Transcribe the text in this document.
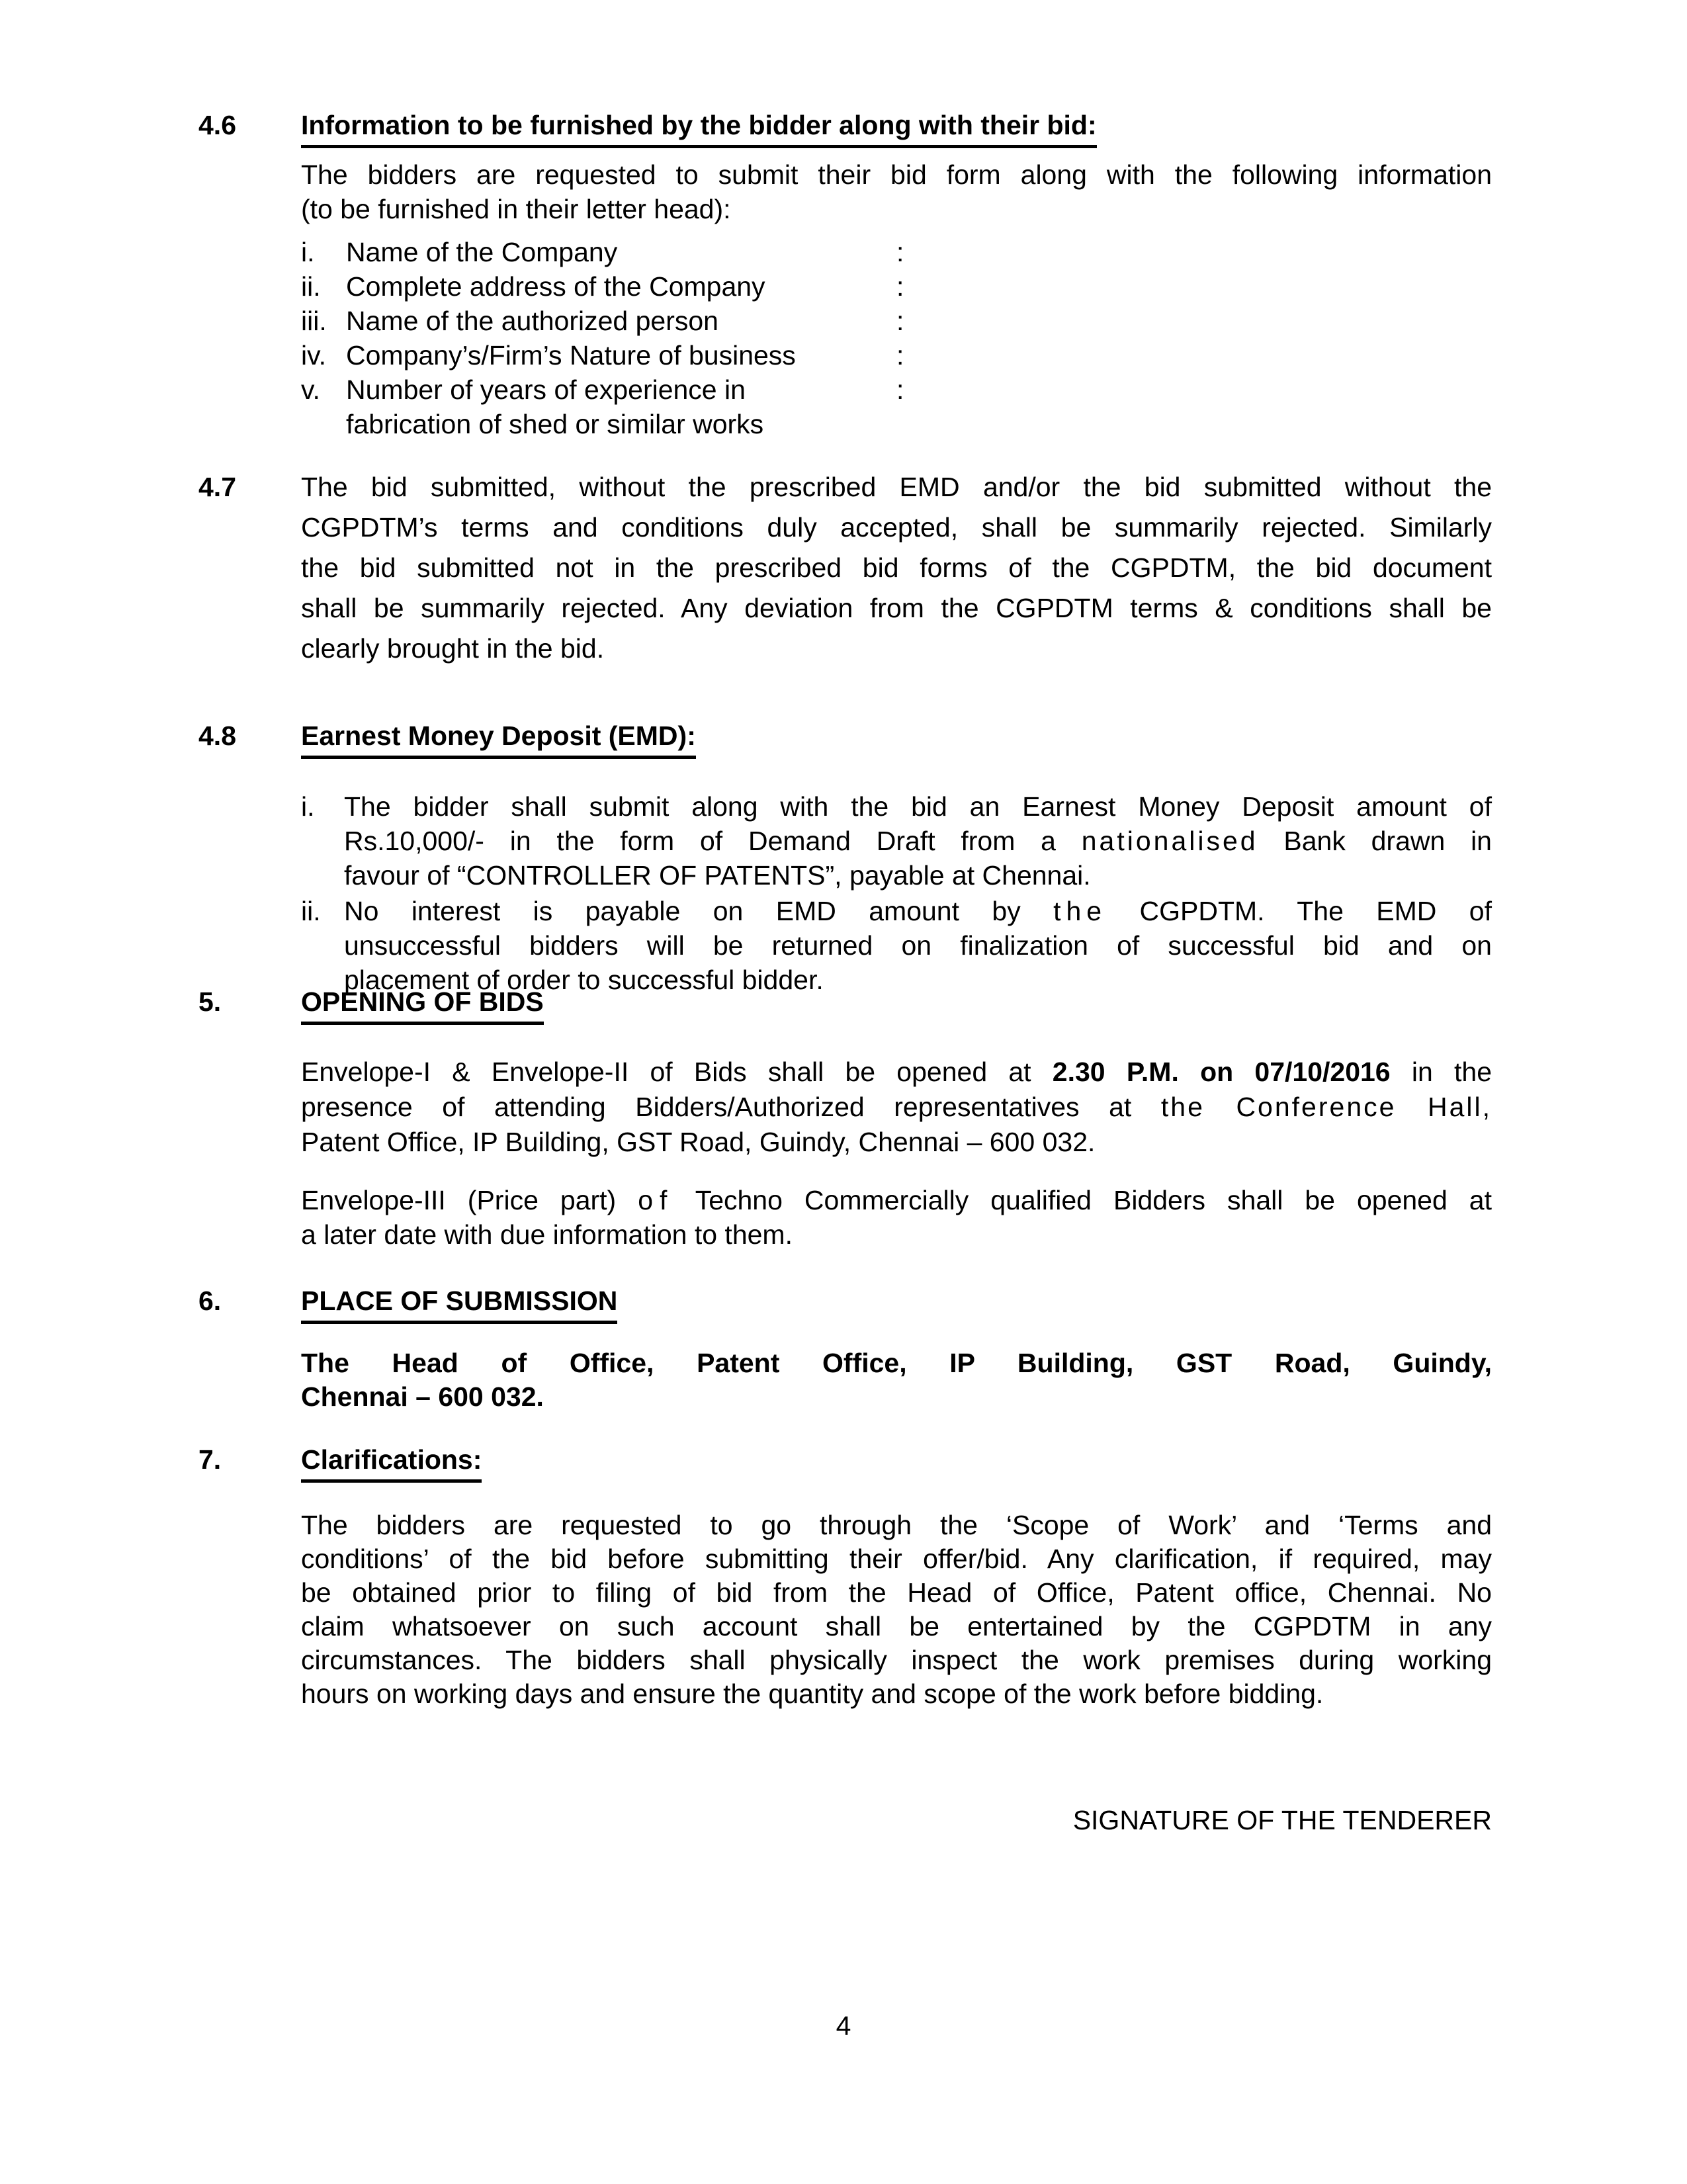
4.6	Information to be furnished by the bidder along with their bid:
The bidders are requested to submit their bid form along with the following information
(to be furnished in their letter head):
i. Name of the Company	:
ii. Complete address of the Company	:
iii. Name of the authorized person	:
iv. Company’s/Firm’s Nature of business	:
v. Number of years of experience in	:
fabrication of shed or similar works
4.7	The bid submitted, without the prescribed EMD and/or the bid submitted without the
CGPDTM’s terms and conditions duly accepted, shall be summarily rejected. Similarly
the bid submitted not in the prescribed bid forms of the CGPDTM, the bid document
shall be summarily rejected. Any deviation from the CGPDTM terms & conditions shall be
clearly brought in the bid.
4.8	Earnest Money Deposit (EMD):
i. The bidder shall submit along with the bid an Earnest Money Deposit amount of
Rs.10,000/- in the form of Demand Draft from a nationalised Bank drawn in
favour of “CONTROLLER OF PATENTS”, payable at Chennai.
ii. No interest is payable on EMD amount by the CGPDTM. The EMD of
unsuccessful bidders will be returned on finalization of successful bid and on
placement of order to successful bidder.
5.	OPENING OF BIDS
Envelope-I & Envelope-II of Bids shall be opened at 2.30 P.M. on 07/10/2016 in the
presence of attending Bidders/Authorized representatives at the Conference Hall,
Patent Office, IP Building, GST Road, Guindy, Chennai – 600 032.
Envelope-III (Price part) of Techno Commercially qualified Bidders shall be opened at
a later date with due information to them.
6.	PLACE OF SUBMISSION
The Head of Office, Patent Office, IP Building, GST Road, Guindy,
Chennai – 600 032.
7.	Clarifications:
The bidders are requested to go through the ‘Scope of Work’ and ‘Terms and
conditions’ of the bid before submitting their offer/bid. Any clarification, if required, may
be obtained prior to filing of bid from the Head of Office, Patent office, Chennai. No
claim whatsoever on such account shall be entertained by the CGPDTM in any
circumstances. The bidders shall physically inspect the work premises during working
hours on working days and ensure the quantity and scope of the work before bidding.
SIGNATURE OF THE TENDERER
4
